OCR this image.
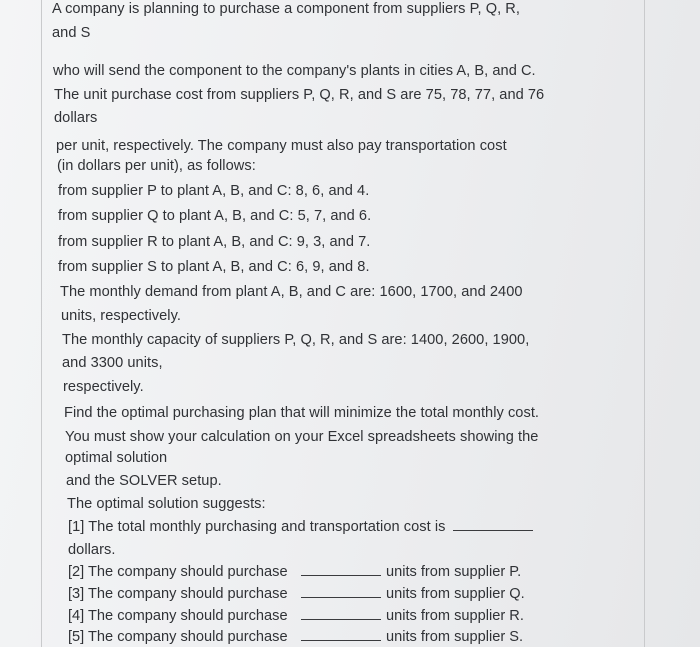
A company is planning to purchase a component from suppliers P, Q, R,

and S

who will send the component to the company's plants in cities A, B, and C.

The unit purchase cost from suppliers P, Q, R, and S are 75, 78, 77, and 76

dollars

per unit, respectively. The company must also pay transportation cost

(in dollars per unit), as follows:

from supplier P to plant A, B, and C: 8, 6, and 4.

from supplier Q to plant A, B, and C: 5, 7, and 6.

from supplier R to plant A, B, and C: 9, 3, and 7.

from supplier S to plant A, B, and C: 6, 9, and 8.

The monthly demand from plant A, B, and C are: 1600, 1700, and 2400

units, respectively.

The monthly capacity of suppliers P, Q, R, and S are: 1400, 2600, 1900,

and 3300 units,

respectively.

Find the optimal purchasing plan that will minimize the total monthly cost.

You must show your calculation on your Excel spreadsheets showing the

optimal solution

and the SOLVER setup.

The optimal solution suggests:

[1] The total monthly purchasing and transportation cost is

dollars.

[2] The company should purchase	units from supplier P.
[3] The company should purchase	units from supplier Q.
[4] The company should purchase	units from supplier R.
[5] The company should purchase	units from supplier S.
